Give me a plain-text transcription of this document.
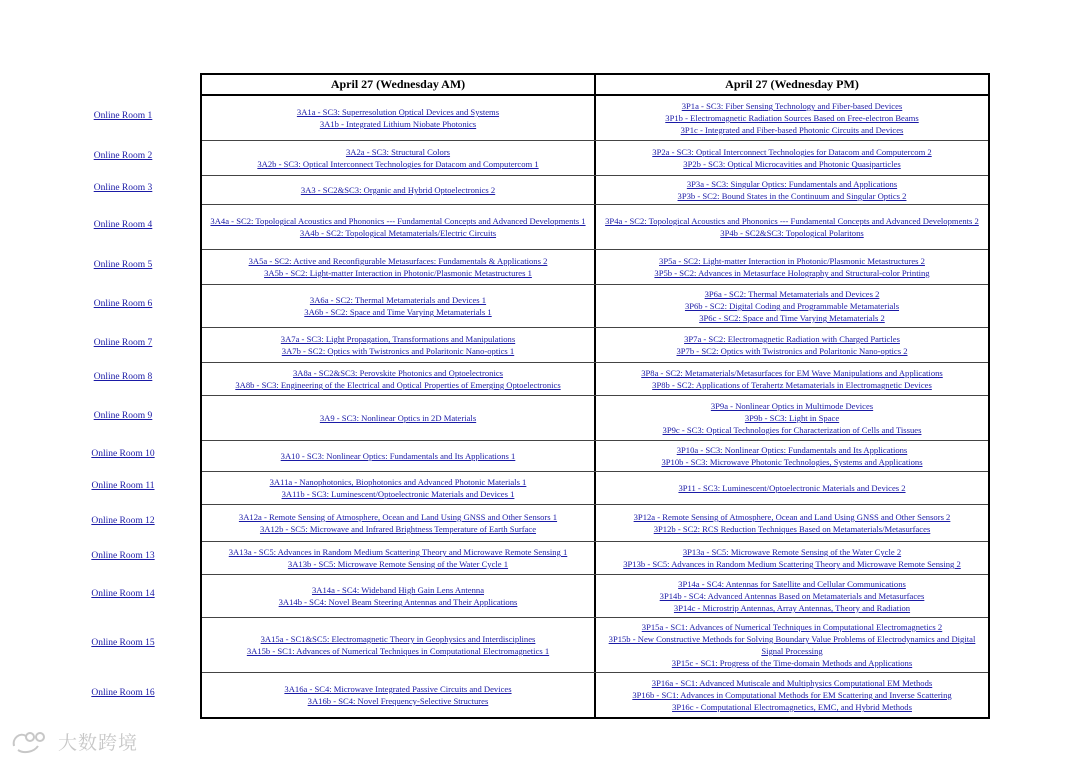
Online Room 1
Online Room 2
Online Room 3
Online Room 4
Online Room 5
Online Room 6
Online Room 7
Online Room 8
Online Room 9
Online Room 10
Online Room 11
Online Room 12
Online Room 13
Online Room 14
Online Room 15
Online Room 16
April 27 (Wednesday AM)	April 27 (Wednesday PM)
3A1a - SC3: Superresolution Optical Devices and Systems
3A1b - Integrated Lithium Niobate Photonics
3P1a - SC3: Fiber Sensing Technology and Fiber-based Devices
3P1b - Electromagnetic Radiation Sources Based on Free-electron Beams
3P1c - Integrated and Fiber-based Photonic Circuits and Devices
3A2a - SC3: Structural Colors
3A2b - SC3: Optical Interconnect Technologies for Datacom and Computercom 1
3P2a - SC3: Optical Interconnect Technologies for Datacom and Computercom 2
3P2b - SC3: Optical Microcavities and Photonic Quasiparticles
3A3 - SC2&SC3: Organic and Hybrid Optoelectronics 2
3P3a - SC3: Singular Optics: Fundamentals and Applications
3P3b - SC2: Bound States in the Continuum and Singular Optics 2
3A4a - SC2: Topological Acoustics and Phononics --- Fundamental Concepts and Advanced Developments 1
3A4b - SC2: Topological Metamaterials/Electric Circuits
3P4a - SC2: Topological Acoustics and Phononics --- Fundamental Concepts and Advanced Developments 2
3P4b - SC2&SC3: Topological Polaritons
3A5a - SC2: Active and Reconfigurable Metasurfaces: Fundamentals & Applications 2
3A5b - SC2: Light-matter Interaction in Photonic/Plasmonic Metastructures 1
3P5a - SC2: Light-matter Interaction in Photonic/Plasmonic Metastructures 2
3P5b - SC2: Advances in Metasurface Holography and Structural-color Printing
3A6a - SC2: Thermal Metamaterials and Devices 1
3A6b - SC2: Space and Time Varying Metamaterials 1
3P6a - SC2: Thermal Metamaterials and Devices 2
3P6b - SC2: Digital Coding and Programmable Metamaterials
3P6c - SC2: Space and Time Varying Metamaterials 2
3A7a - SC3: Light Propagation, Transformations and Manipulations
3A7b - SC2: Optics with Twistronics and Polaritonic Nano-optics 1
3P7a - SC2: Electromagnetic Radiation with Charged Particles
3P7b - SC2: Optics with Twistronics and Polaritonic Nano-optics 2
3A8a - SC2&SC3: Perovskite Photonics and Optoelectronics
3A8b - SC3: Engineering of the Electrical and Optical Properties of Emerging Optoelectronics
3P8a - SC2: Metamaterials/Metasurfaces for EM Wave Manipulations and Applications
3P8b - SC2: Applications of Terahertz Metamaterials in Electromagnetic Devices
3A9 - SC3: Nonlinear Optics in 2D Materials
3P9a - Nonlinear Optics in Multimode Devices
3P9b - SC3: Light in Space
3P9c - SC3: Optical Technologies for Characterization of Cells and Tissues
3A10 - SC3: Nonlinear Optics: Fundamentals and Its Applications 1
3P10a - SC3: Nonlinear Optics: Fundamentals and Its Applications
3P10b - SC3: Microwave Photonic Technologies, Systems and Applications
3A11a - Nanophotonics, Biophotonics and Advanced Photonic Materials 1
3A11b - SC3: Luminescent/Optoelectronic Materials and Devices 1
3P11 - SC3: Luminescent/Optoelectronic Materials and Devices 2
3A12a - Remote Sensing of Atmosphere, Ocean and Land Using GNSS and Other Sensors 1
3A12b - SC5: Microwave and Infrared Brightness Temperature of Earth Surface
3P12a - Remote Sensing of Atmosphere, Ocean and Land Using GNSS and Other Sensors 2
3P12b - SC2: RCS Reduction Techniques Based on Metamaterials/Metasurfaces
3A13a - SC5: Advances in Random Medium Scattering Theory and Microwave Remote Sensing 1
3A13b - SC5: Microwave Remote Sensing of the Water Cycle 1
3P13a - SC5: Microwave Remote Sensing of the Water Cycle 2
3P13b - SC5: Advances in Random Medium Scattering Theory and Microwave Remote Sensing 2
3A14a - SC4: Wideband High Gain Lens Antenna
3A14b - SC4: Novel Beam Steering Antennas and Their Applications
3P14a - SC4: Antennas for Satellite and Cellular Communications
3P14b - SC4: Advanced Antennas Based on Metamaterials and Metasurfaces
3P14c - Microstrip Antennas, Array Antennas, Theory and Radiation
3A15a - SC1&SC5: Electromagnetic Theory in Geophysics and Interdisciplines
3A15b - SC1: Advances of Numerical Techniques in Computational Electromagnetics 1
3P15a - SC1: Advances of Numerical Techniques in Computational Electromagnetics 2
3P15b - New Constructive Methods for Solving Boundary Value Problems of Electrodynamics and Digital Signal Processing
3P15c - SC1: Progress of the Time-domain Methods and Applications
3A16a - SC4: Microwave Integrated Passive Circuits and Devices
3A16b - SC4: Novel Frequency-Selective Structures
3P16a - SC1: Advanced Mutiscale and Multiphysics Computational EM Methods
3P16b - SC1: Advances in Computational Methods for EM Scattering and Inverse Scattering
3P16c - Computational Electromagnetics, EMC, and Hybrid Methods
大数跨境
